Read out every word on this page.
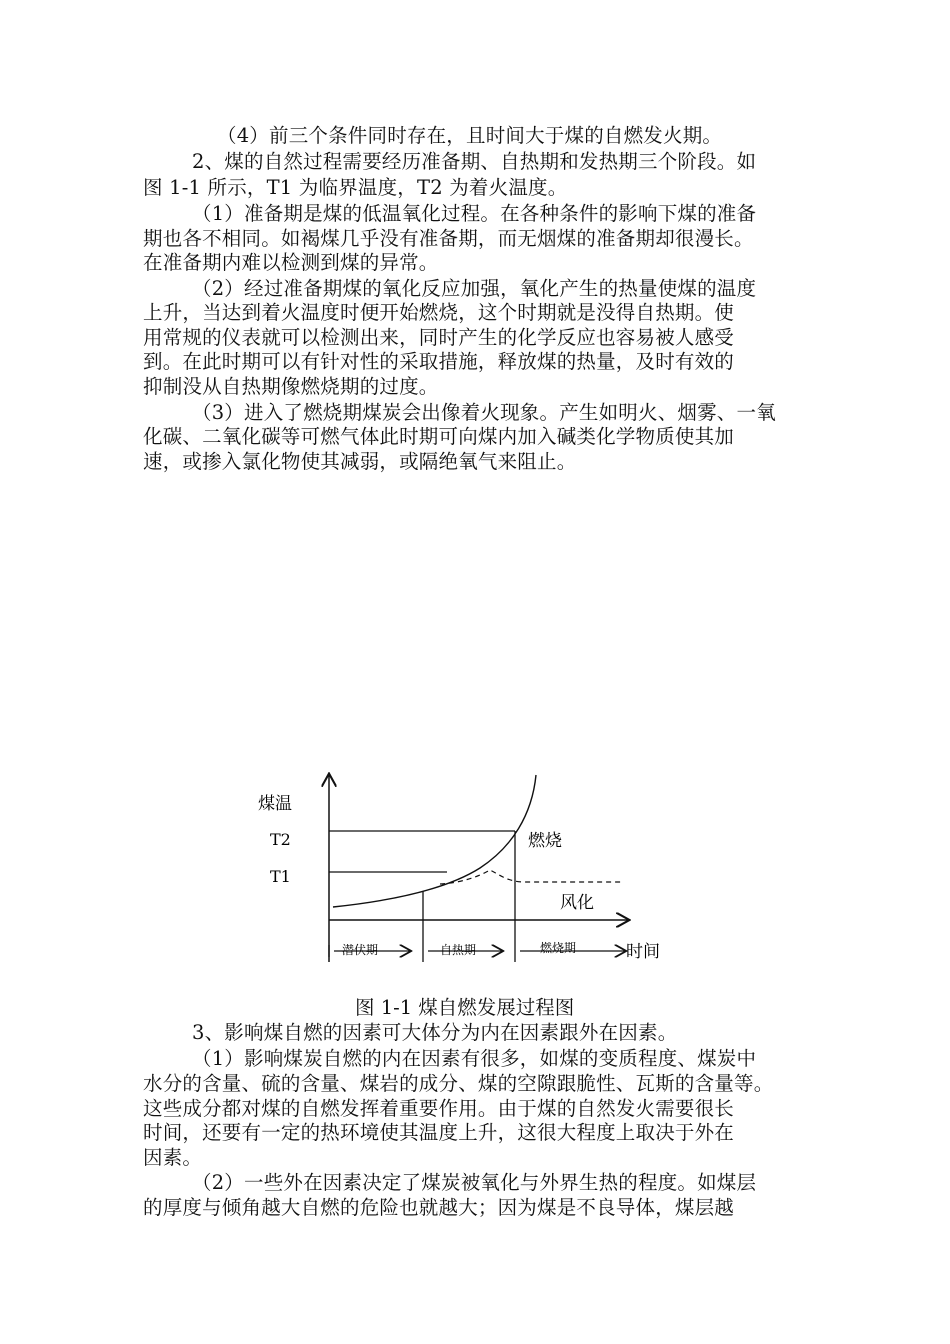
（4）前三个条件同时存在，且时间大于煤的自燃发火期。
2、煤的自然过程需要经历准备期、自热期和发热期三个阶段。如
图 1-1 所示，T1 为临界温度，T2 为着火温度。
（1）准备期是煤的低温氧化过程。在各种条件的影响下煤的准备
期也各不相同。如褐煤几乎没有准备期，而无烟煤的准备期却很漫长。
在准备期内难以检测到煤的异常。
（2）经过准备期煤的氧化反应加强，氧化产生的热量使煤的温度
上升，当达到着火温度时便开始燃烧，这个时期就是没得自热期。使
用常规的仪表就可以检测出来，同时产生的化学反应也容易被人感受
到。在此时期可以有针对性的采取措施，释放煤的热量，及时有效的
抑制没从自热期像燃烧期的过度。
（3）进入了燃烧期煤炭会出像着火现象。产生如明火、烟雾、一氧
化碳、二氧化碳等可燃气体此时期可向煤内加入碱类化学物质使其加
速，或掺入氯化物使其减弱，或隔绝氧气来阻止。
煤温
T2
T1
燃烧
风化
潜伏期	自热期	燃烧期	时间
图 1-1 煤自燃发展过程图
3、影响煤自燃的因素可大体分为内在因素跟外在因素。
（1）影响煤炭自燃的内在因素有很多，如煤的变质程度、煤炭中
水分的含量、硫的含量、煤岩的成分、煤的空隙跟脆性、瓦斯的含量等。
这些成分都对煤的自燃发挥着重要作用。由于煤的自然发火需要很长
时间，还要有一定的热环境使其温度上升，这很大程度上取决于外在
因素。
（2）一些外在因素决定了煤炭被氧化与外界生热的程度。如煤层
的厚度与倾角越大自燃的危险也就越大；因为煤是不良导体，煤层越
